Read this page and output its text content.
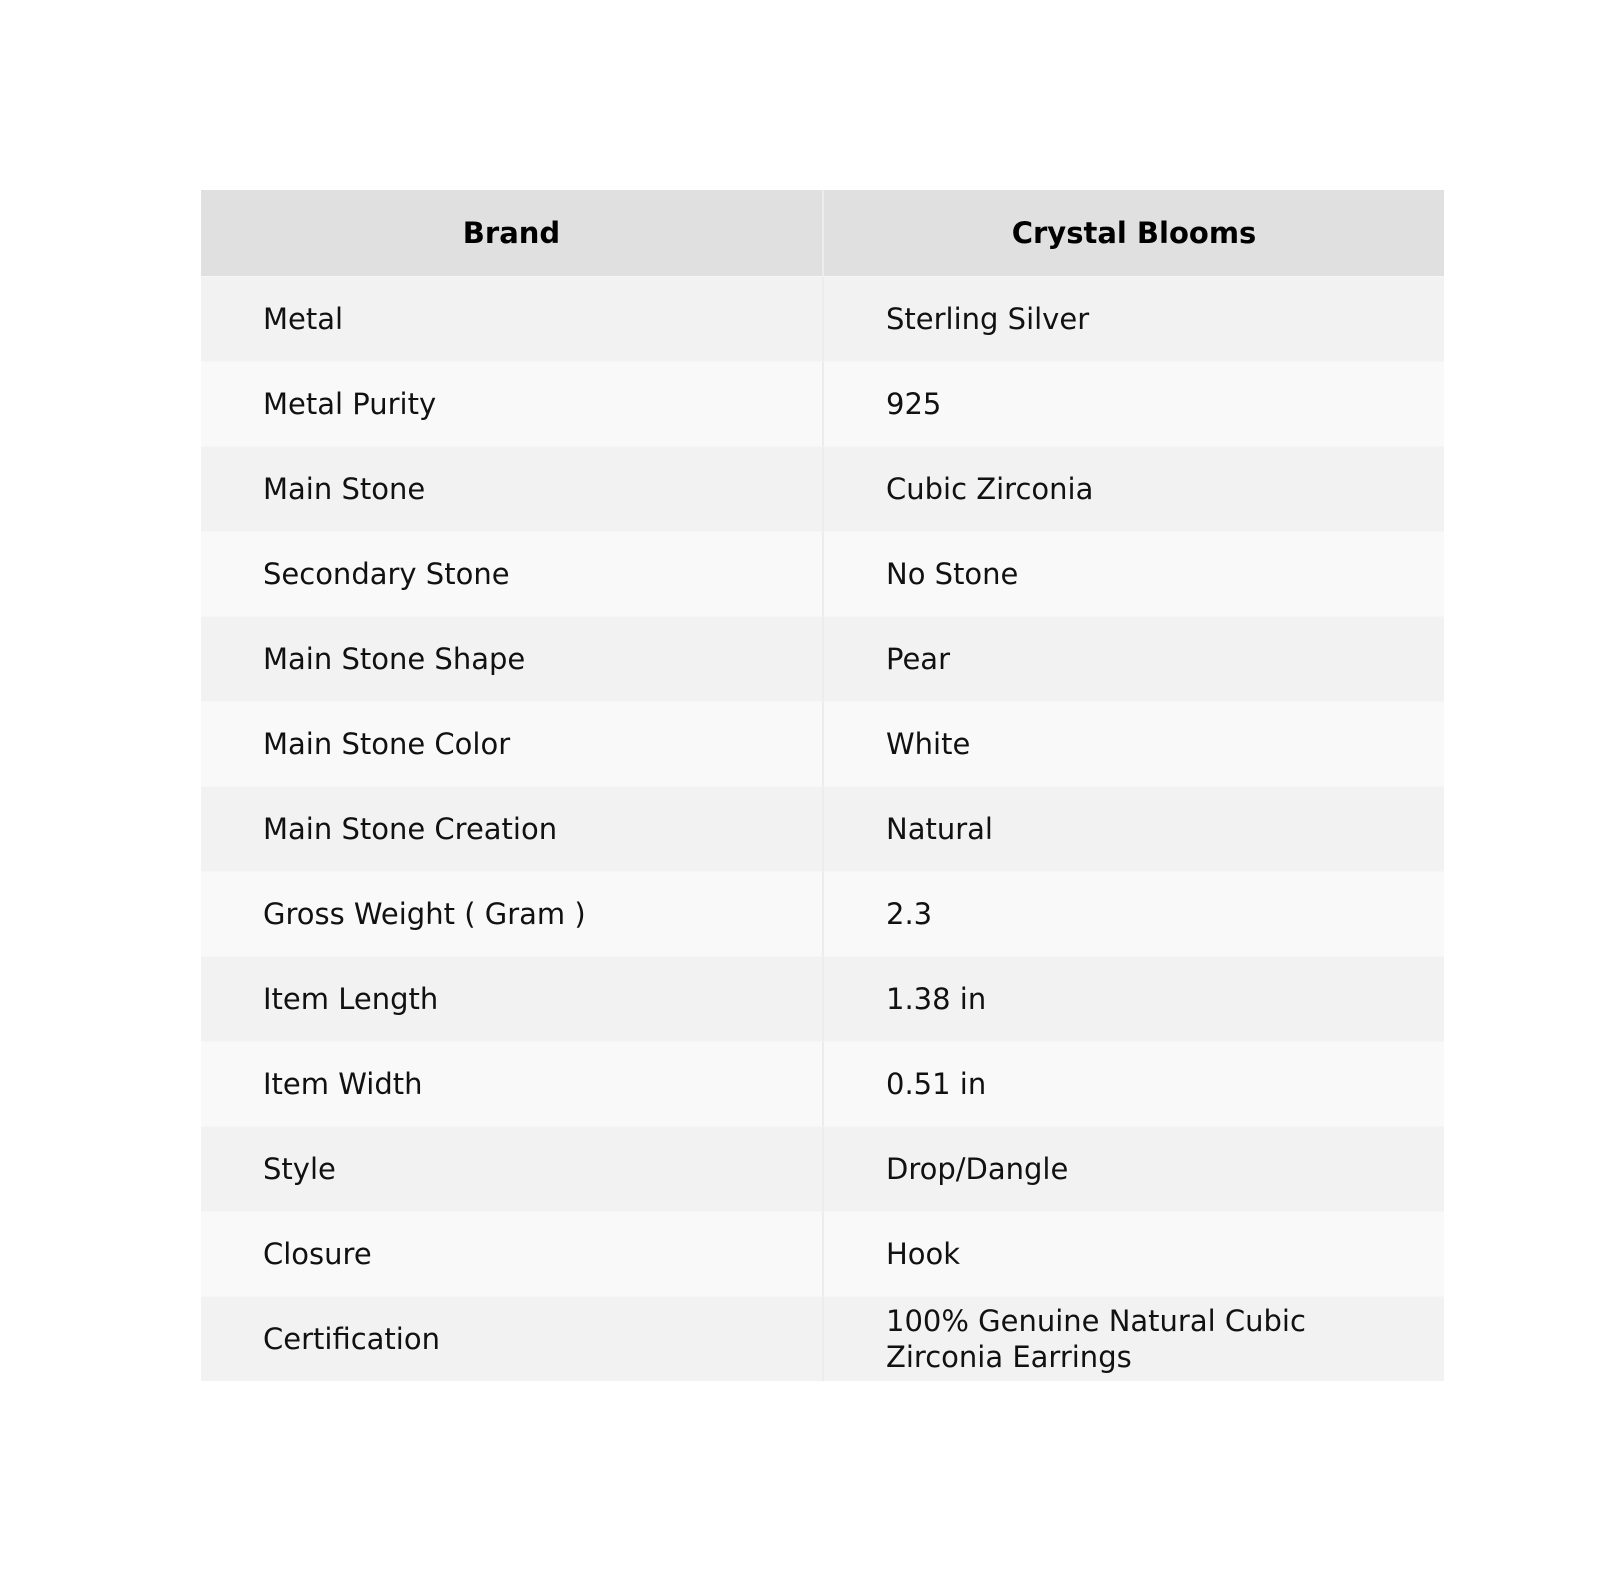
Brand	Crystal Blooms
Metal	Sterling Silver
Metal Purity	925
Main Stone	Cubic Zirconia
Secondary Stone	No Stone
Main Stone Shape	Pear
Main Stone Color	White
Main Stone Creation	Natural
Gross Weight ( Gram )	2.3
Item Length	1.38 in
Item Width	0.51 in
Style	Drop/Dangle
Closure	Hook
Certification	100% Genuine Natural Cubic Zirconia Earrings
